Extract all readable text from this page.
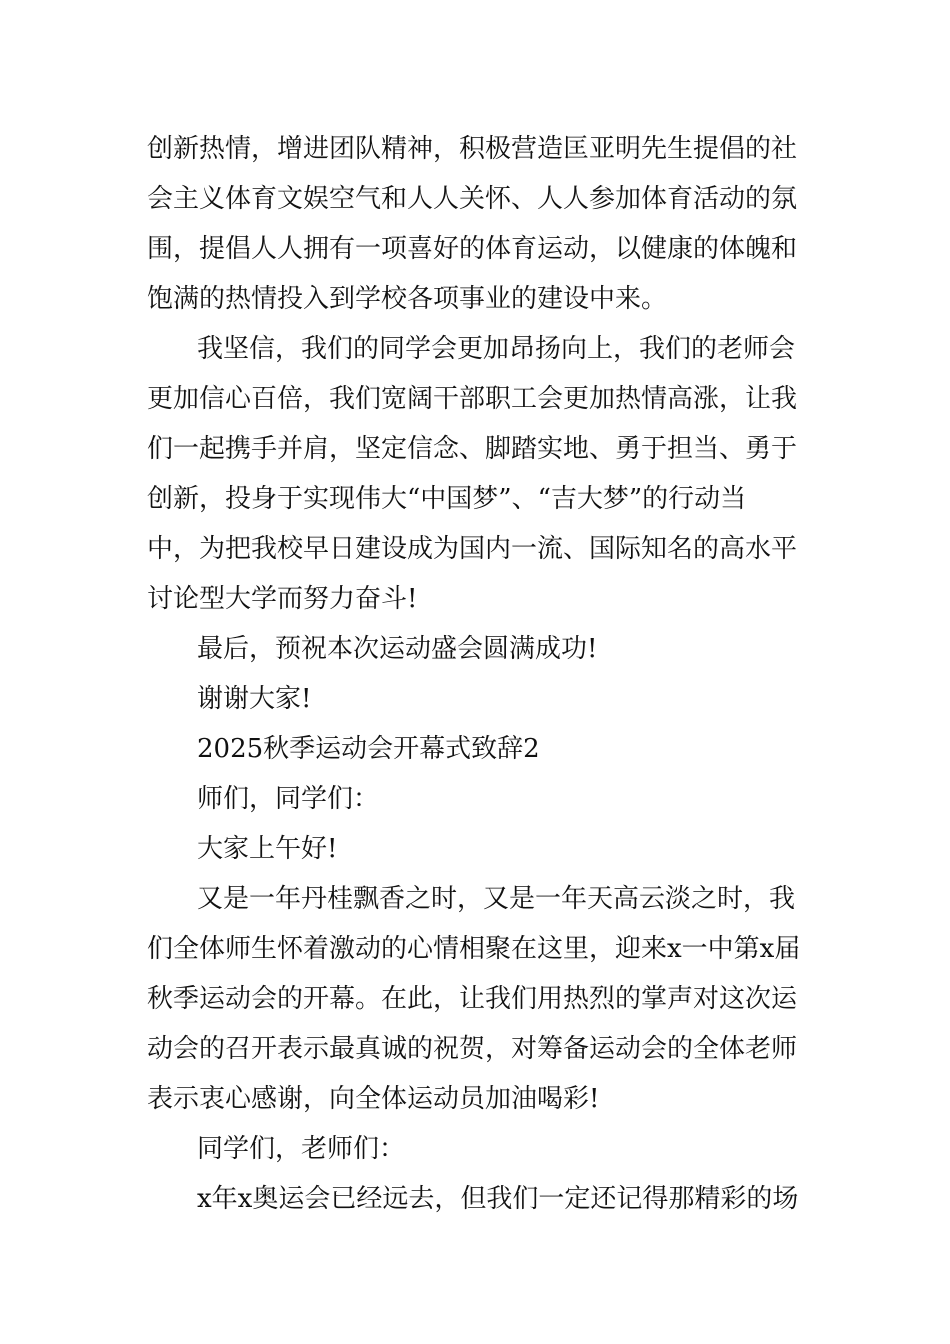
创新热情，增进团队精神，积极营造匡亚明先生提倡的社
会主义体育文娱空气和人人关怀、人人参加体育活动的氛
围，提倡人人拥有一项喜好的体育运动，以健康的体魄和
饱满的热情投入到学校各项事业的建设中来。
我坚信，我们的同学会更加昂扬向上，我们的老师会
更加信心百倍，我们宽阔干部职工会更加热情高涨，让我
们一起携手并肩，坚定信念、脚踏实地、勇于担当、勇于
创新，投身于实现伟大“中国梦”、“吉大梦”的行动当
中，为把我校早日建设成为国内一流、国际知名的高水平
讨论型大学而努力奋斗!
最后，预祝本次运动盛会圆满成功!
谢谢大家!
2025秋季运动会开幕式致辞2
师们，同学们：
大家上午好!
又是一年丹桂飘香之时，又是一年天高云淡之时，我
们全体师生怀着激动的心情相聚在这里，迎来x一中第x届
秋季运动会的开幕。在此，让我们用热烈的掌声对这次运
动会的召开表示最真诚的祝贺，对筹备运动会的全体老师
表示衷心感谢，向全体运动员加油喝彩!
同学们，老师们：
x年x奥运会已经远去，但我们一定还记得那精彩的场
